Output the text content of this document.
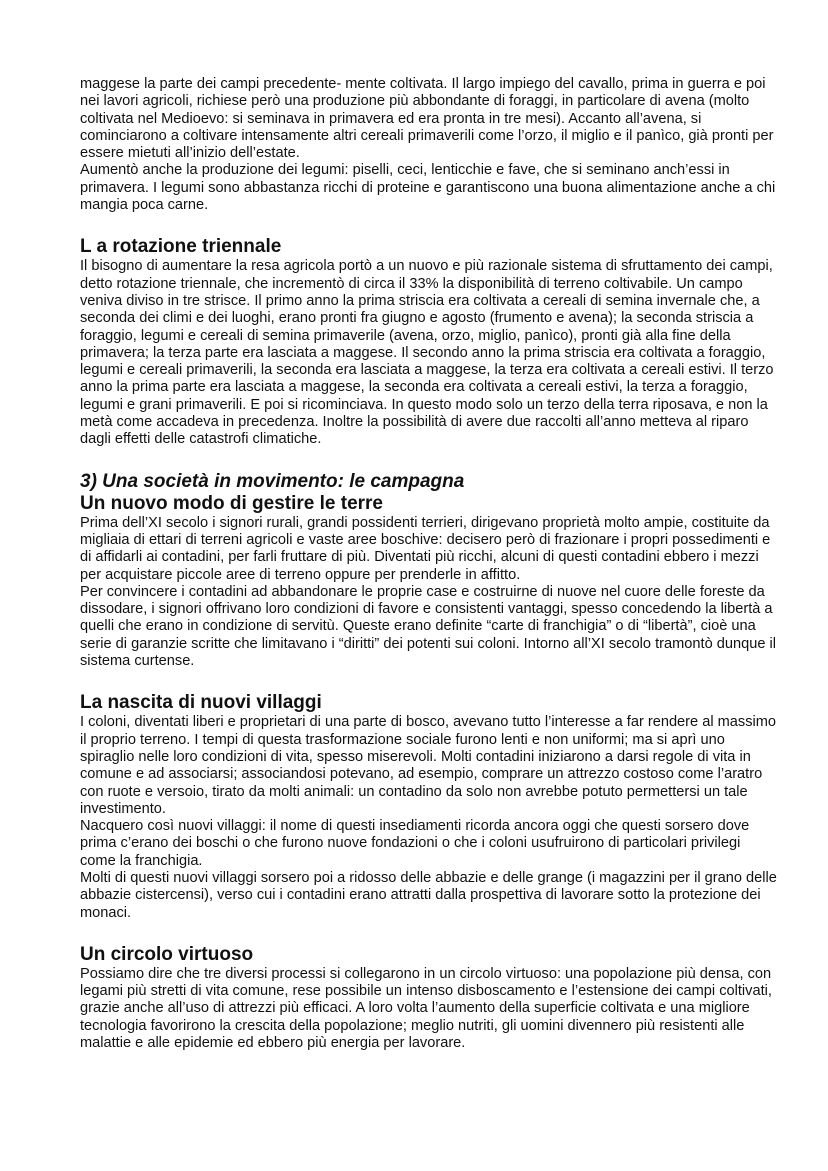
maggese la parte dei campi precedente- mente coltivata. Il largo impiego del cavallo, prima in guerra e poi nei lavori agricoli, richiese però una produzione più abbondante di foraggi, in particolare di avena (molto coltivata nel Medioevo: si seminava in primavera ed era pronta in tre mesi). Accanto all’avena, si cominciarono a coltivare intensamente altri cereali primaverili come l’orzo, il miglio e il panìco, già pronti per essere mietuti all’inizio dell’estate.

Aumentò anche la produzione dei legumi: piselli, ceci, lenticchie e fave, che si seminano anch’essi in primavera. I legumi sono abbastanza ricchi di proteine e garantiscono una buona alimentazione anche a chi mangia poca carne.

L a rotazione triennale

Il bisogno di aumentare la resa agricola portò a un nuovo e più razionale sistema di sfruttamento dei campi, detto rotazione triennale, che incrementò di circa il 33% la disponibilità di terreno coltivabile. Un campo veniva diviso in tre strisce. Il primo anno la prima striscia era coltivata a cereali di semina invernale che, a seconda dei climi e dei luoghi, erano pronti fra giugno e agosto (frumento e avena); la seconda striscia a foraggio, legumi e cereali di semina primaverile (avena, orzo, miglio, panìco), pronti già alla fine della primavera; la terza parte era lasciata a maggese. Il secondo anno la prima striscia era coltivata a foraggio, legumi e cereali primaverili, la seconda era lasciata a maggese, la terza era coltivata a cereali estivi. Il terzo anno la prima parte era lasciata a maggese, la seconda era coltivata a cereali estivi, la terza a foraggio, legumi e grani primaverili. E poi si ricominciava. In questo modo solo un terzo della terra riposava, e non la metà come accadeva in precedenza. Inoltre la possibilità di avere due raccolti all’anno metteva al riparo dagli effetti delle catastrofi climatiche.

3) Una società in movimento: le campagna
Un nuovo modo di gestire le terre

Prima dell’XI secolo i signori rurali, grandi possidenti terrieri, dirigevano proprietà molto ampie, costituite da migliaia di ettari di terreni agricoli e vaste aree boschive: decisero però di frazionare i propri possedimenti e di affidarli ai contadini, per farli fruttare di più. Diventati più ricchi, alcuni di questi contadini ebbero i mezzi per acquistare piccole aree di terreno oppure per prenderle in affitto.

Per convincere i contadini ad abbandonare le proprie case e costruirne di nuove nel cuore delle foreste da dissodare, i signori offrivano loro condizioni di favore e consistenti vantaggi, spesso concedendo la libertà a quelli che erano in condizione di servitù. Queste erano definite “carte di franchigia” o di “libertà”, cioè una serie di garanzie scritte che limitavano i “diritti” dei potenti sui coloni. Intorno all’XI secolo tramontò dunque il sistema curtense.

La nascita di nuovi villaggi

I coloni, diventati liberi e proprietari di una parte di bosco, avevano tutto l’interesse a far rendere al massimo il proprio terreno. I tempi di questa trasformazione sociale furono lenti e non uniformi; ma si aprì uno spiraglio nelle loro condizioni di vita, spesso miserevoli. Molti contadini iniziarono a darsi regole di vita in comune e ad associarsi; associandosi potevano, ad esempio, comprare un attrezzo costoso come l’aratro con ruote e versoio, tirato da molti animali: un contadino da solo non avrebbe potuto permettersi un tale investimento.

Nacquero così nuovi villaggi: il nome di questi insediamenti ricorda ancora oggi che questi sorsero dove prima c’erano dei boschi o che furono nuove fondazioni o che i coloni usufruirono di particolari privilegi come la franchigia.

Molti di questi nuovi villaggi sorsero poi a ridosso delle abbazie e delle grange (i magazzini per il grano delle abbazie cistercensi), verso cui i contadini erano attratti dalla prospettiva di lavorare sotto la protezione dei monaci.

Un circolo virtuoso

Possiamo dire che tre diversi processi si collegarono in un circolo virtuoso: una popolazione più densa, con legami più stretti di vita comune, rese possibile un intenso disboscamento e l’estensione dei campi coltivati, grazie anche all’uso di attrezzi più efficaci. A loro volta l’aumento della superficie coltivata e una migliore tecnologia favorirono la crescita della popolazione; meglio nutriti, gli uomini divennero più resistenti alle malattie e alle epidemie ed ebbero più energia per lavorare.
